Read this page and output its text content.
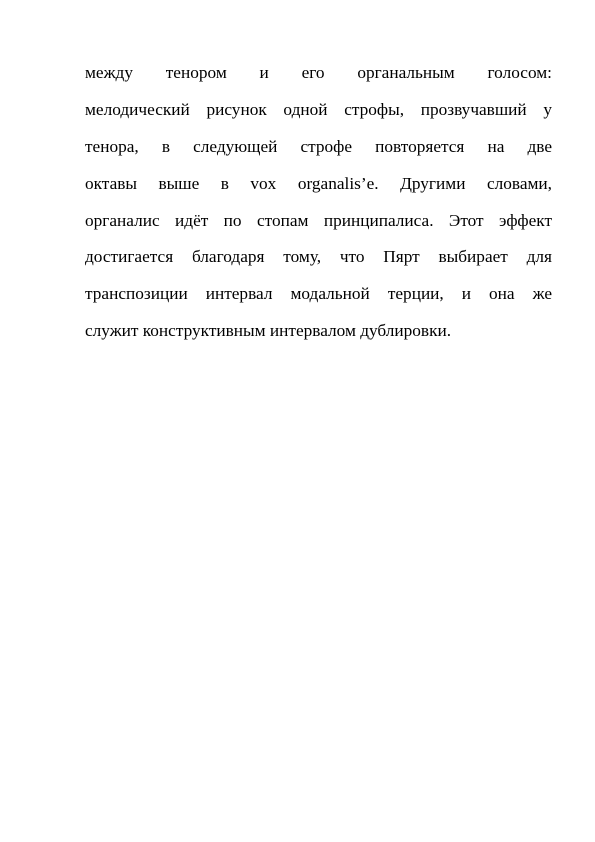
между тенором и его органальным голосом:
мелодический рисунок одной строфы, прозвучавший у
тенора, в следующей строфе повторяется на две
октавы выше в vox organalis’е. Другими словами,
органалис идёт по стопам принципалиса. Этот эффект
достигается благодаря тому, что Пярт выбирает для
транспозиции интервал модальной терции, и она же
служит конструктивным интервалом дублировки.
